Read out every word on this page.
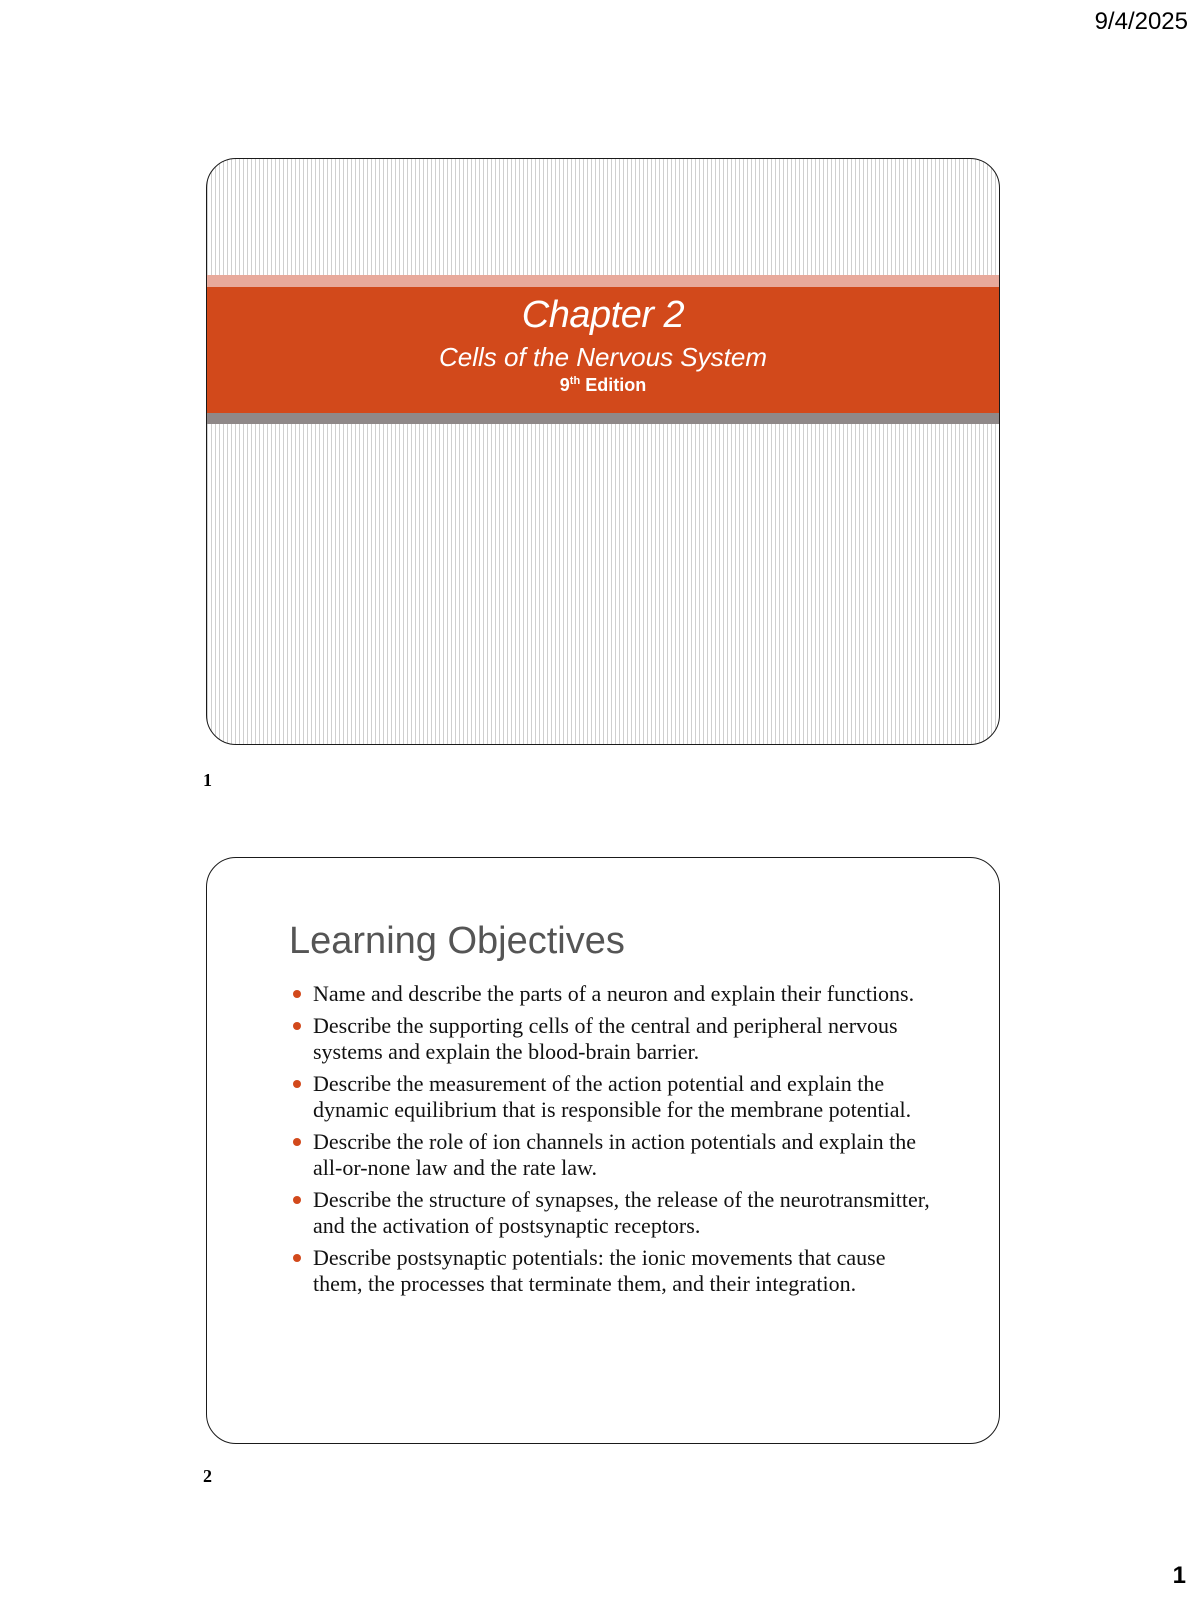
9/4/2025
Chapter 2
Cells of the Nervous System
9th Edition
1
Learning Objectives
Name and describe the parts of a neuron and explain their functions.
Describe the supporting cells of the central and peripheral nervous systems and explain the blood-brain barrier.
Describe the measurement of the action potential and explain the dynamic equilibrium that is responsible for the membrane potential.
Describe the role of ion channels in action potentials and explain the all-or-none law and the rate law.
Describe the structure of synapses, the release of the neurotransmitter, and the activation of postsynaptic receptors.
Describe postsynaptic potentials: the ionic movements that cause them, the processes that terminate them, and their integration.
2
1
